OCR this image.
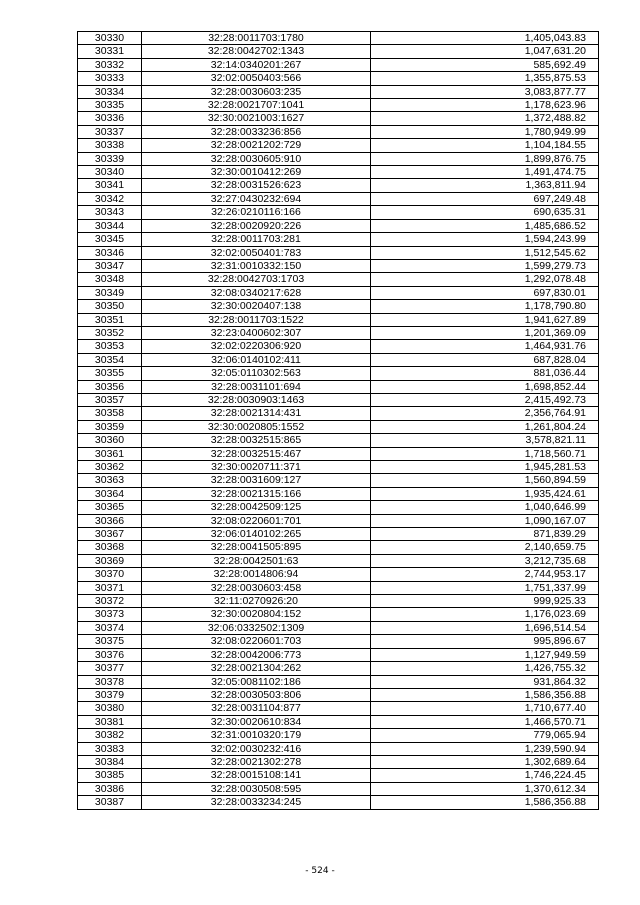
30330	32:28:0011703:1780	1,405,043.83
30331	32:28:0042702:1343	1,047,631.20
30332	32:14:0340201:267	585,692.49
30333	32:02:0050403:566	1,355,875.53
30334	32:28:0030603:235	3,083,877.77
30335	32:28:0021707:1041	1,178,623.96
30336	32:30:0021003:1627	1,372,488.82
30337	32:28:0033236:856	1,780,949.99
30338	32:28:0021202:729	1,104,184.55
30339	32:28:0030605:910	1,899,876.75
30340	32:30:0010412:269	1,491,474.75
30341	32:28:0031526:623	1,363,811.94
30342	32:27:0430232:694	697,249.48
30343	32:26:0210116:166	690,635.31
30344	32:28:0020920:226	1,485,686.52
30345	32:28:0011703:281	1,594,243.99
30346	32:02:0050401:783	1,512,545.62
30347	32:31:0010332:150	1,599,279.73
30348	32:28:0042703:1703	1,292,078.48
30349	32:08:0340217:628	697,830.01
30350	32:30:0020407:138	1,178,790.80
30351	32:28:0011703:1522	1,941,627.89
30352	32:23:0400602:307	1,201,369.09
30353	32:02:0220306:920	1,464,931.76
30354	32:06:0140102:411	687,828.04
30355	32:05:0110302:563	881,036.44
30356	32:28:0031101:694	1,698,852.44
30357	32:28:0030903:1463	2,415,492.73
30358	32:28:0021314:431	2,356,764.91
30359	32:30:0020805:1552	1,261,804.24
30360	32:28:0032515:865	3,578,821.11
30361	32:28:0032515:467	1,718,560.71
30362	32:30:0020711:371	1,945,281.53
30363	32:28:0031609:127	1,560,894.59
30364	32:28:0021315:166	1,935,424.61
30365	32:28:0042509:125	1,040,646.99
30366	32:08:0220601:701	1,090,167.07
30367	32:06:0140102:265	871,839.29
30368	32:28:0041505:895	2,140,659.75
30369	32:28:0042501:63	3,212,735.68
30370	32:28:0014806:94	2,744,953.17
30371	32:28:0030603:458	1,751,337.99
30372	32:11:0270926:20	999,925.33
30373	32:30:0020804:152	1,176,023.69
30374	32:06:0332502:1309	1,696,514.54
30375	32:08:0220601:703	995,896.67
30376	32:28:0042006:773	1,127,949.59
30377	32:28:0021304:262	1,426,755.32
30378	32:05:0081102:186	931,864.32
30379	32:28:0030503:806	1,586,356.88
30380	32:28:0031104:877	1,710,677.40
30381	32:30:0020610:834	1,466,570.71
30382	32:31:0010320:179	779,065.94
30383	32:02:0030232:416	1,239,590.94
30384	32:28:0021302:278	1,302,689.64
30385	32:28:0015108:141	1,746,224.45
30386	32:28:0030508:595	1,370,612.34
30387	32:28:0033234:245	1,586,356.88
- 524 -
